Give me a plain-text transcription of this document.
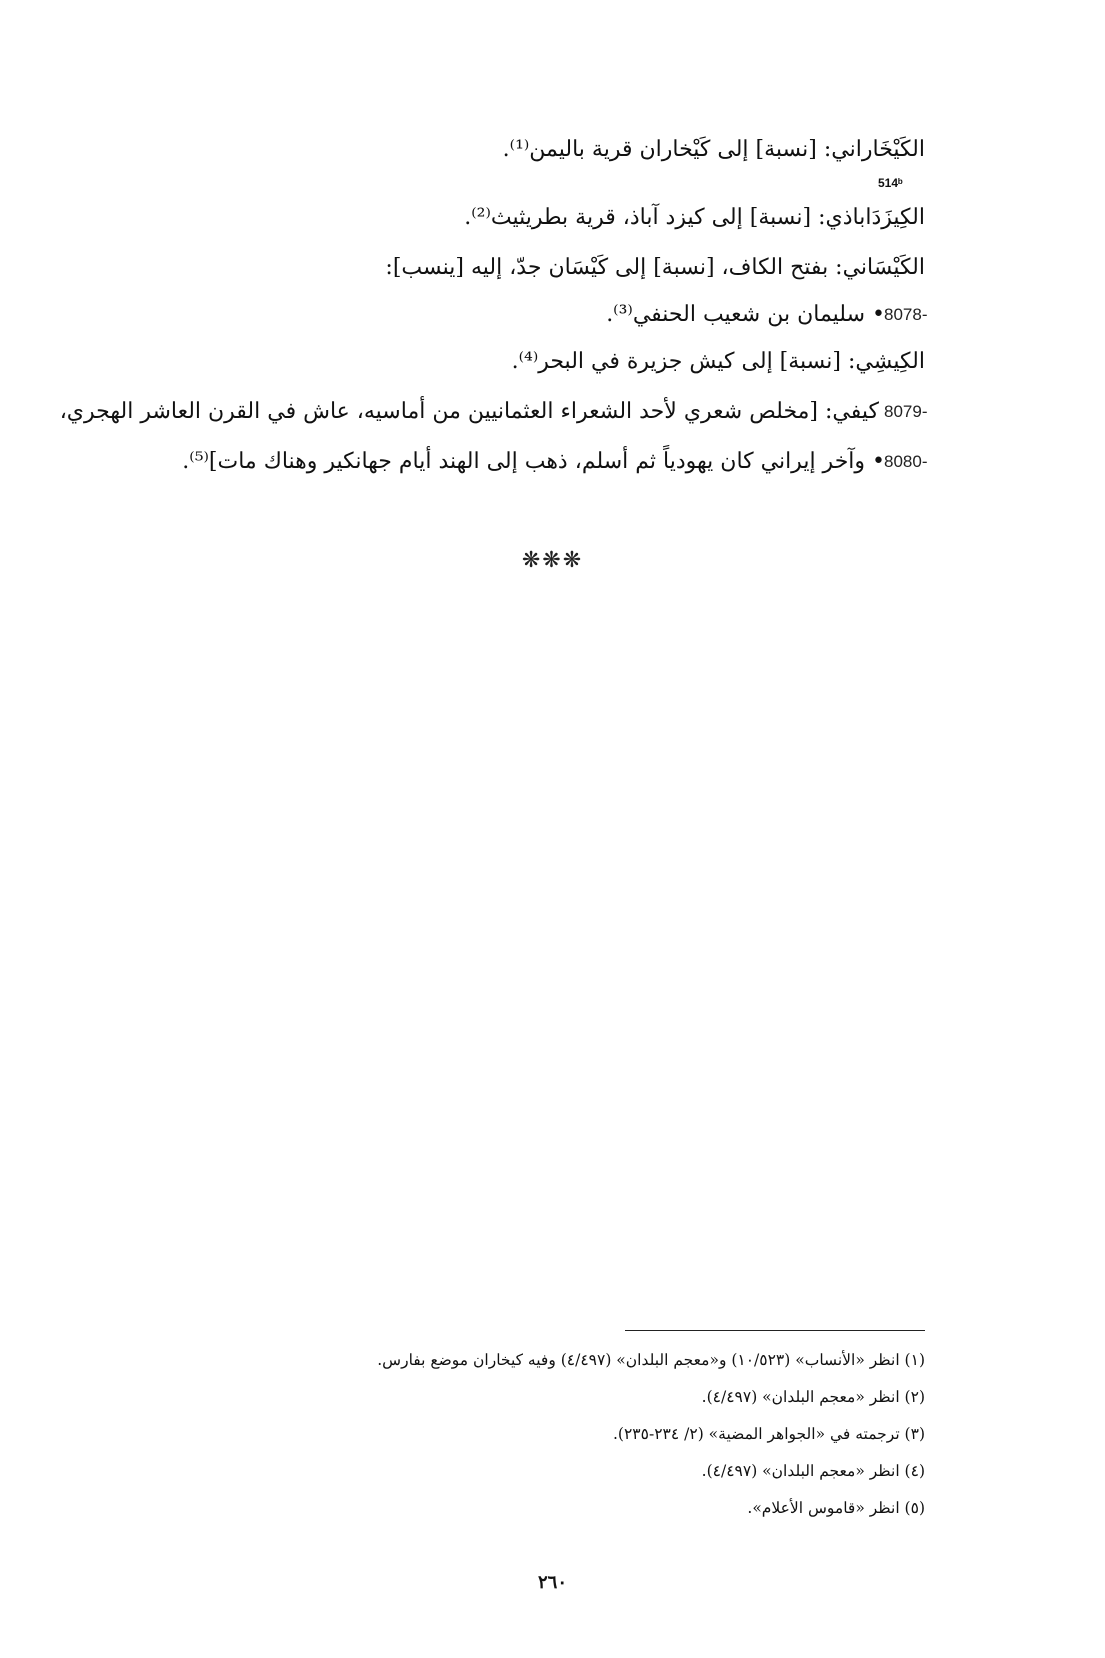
الكَيْخَاراني: [نسبة] إلى كَيْخاران قرية باليمن⁽¹⁾.
514ᵇ
الكِيزَدَاباذي: [نسبة] إلى كيزد آباذ، قرية بطريثيث⁽²⁾.
الكَيْسَاني: بفتح الكاف، [نسبة] إلى كَيْسَان جدّ، إليه [ينسب]:
8078-
• سليمان بن شعيب الحنفي⁽³⁾.
الكِيشِي: [نسبة] إلى كيش جزيرة في البحر⁽⁴⁾.
8079-
كيفي: [مخلص شعري لأحد الشعراء العثمانيين من أماسيه، عاش في القرن العاشر الهجري،
8080-
• وآخر إيراني كان يهودياً ثم أسلم، ذهب إلى الهند أيام جهانكير وهناك مات]⁽⁵⁾.
❋❋❋
(١) انظر «الأنساب» (١٠/٥٢٣) و«معجم البلدان» (٤/٤٩٧) وفيه كيخاران موضع بفارس.
(٢) انظر «معجم البلدان» (٤/٤٩٧).
(٣) ترجمته في «الجواهر المضية» (٢/ ٢٣٤-٢٣٥).
(٤) انظر «معجم البلدان» (٤/٤٩٧).
(٥) انظر «قاموس الأعلام».
٢٦٠
